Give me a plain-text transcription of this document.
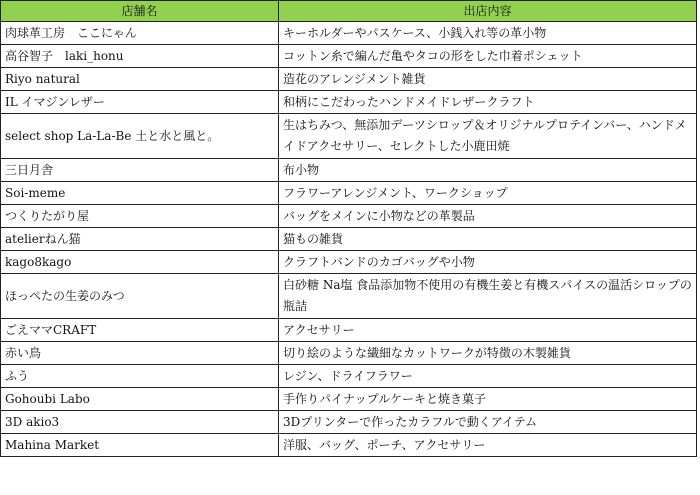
店舗名	出店内容
肉球革工房　ここにゃん	キーホルダーやパスケース、小銭入れ等の革小物
高谷智子　laki_honu	コットン糸で編んだ亀やタコの形をした巾着ポシェット
Riyo natural	造花のアレンジメント雑貨
IL イマジンレザー	和柄にこだわったハンドメイドレザークラフト
select shop La-La-Be 土と水と風と。	生はちみつ、無添加デーツシロップ＆オリジナルプロテインバー、ハンドメイドアクセサリー、セレクトした小鹿田焼
三日月舎	布小物
Soi-meme	フラワーアレンジメント、ワークショップ
つくりたがり屋	バッグをメインに小物などの革製品
atelierねん猫	猫もの雑貨
kago8kago	クラフトバンドのカゴバッグや小物
ほっぺたの生姜のみつ	白砂糖 Na塩 食品添加物不使用の有機生姜と有機スパイスの温活シロップの瓶詰
ごえママCRAFT	アクセサリー
赤い鳥	切り絵のような繊細なカットワークが特徴の木製雑貨
ふう	レジン、ドライフラワー
Gohoubi Labo	手作りパイナップルケーキと焼き菓子
3D akio3	3Dプリンターで作ったカラフルで動くアイテム
Mahina Market	洋服、バッグ、ポーチ、アクセサリー
